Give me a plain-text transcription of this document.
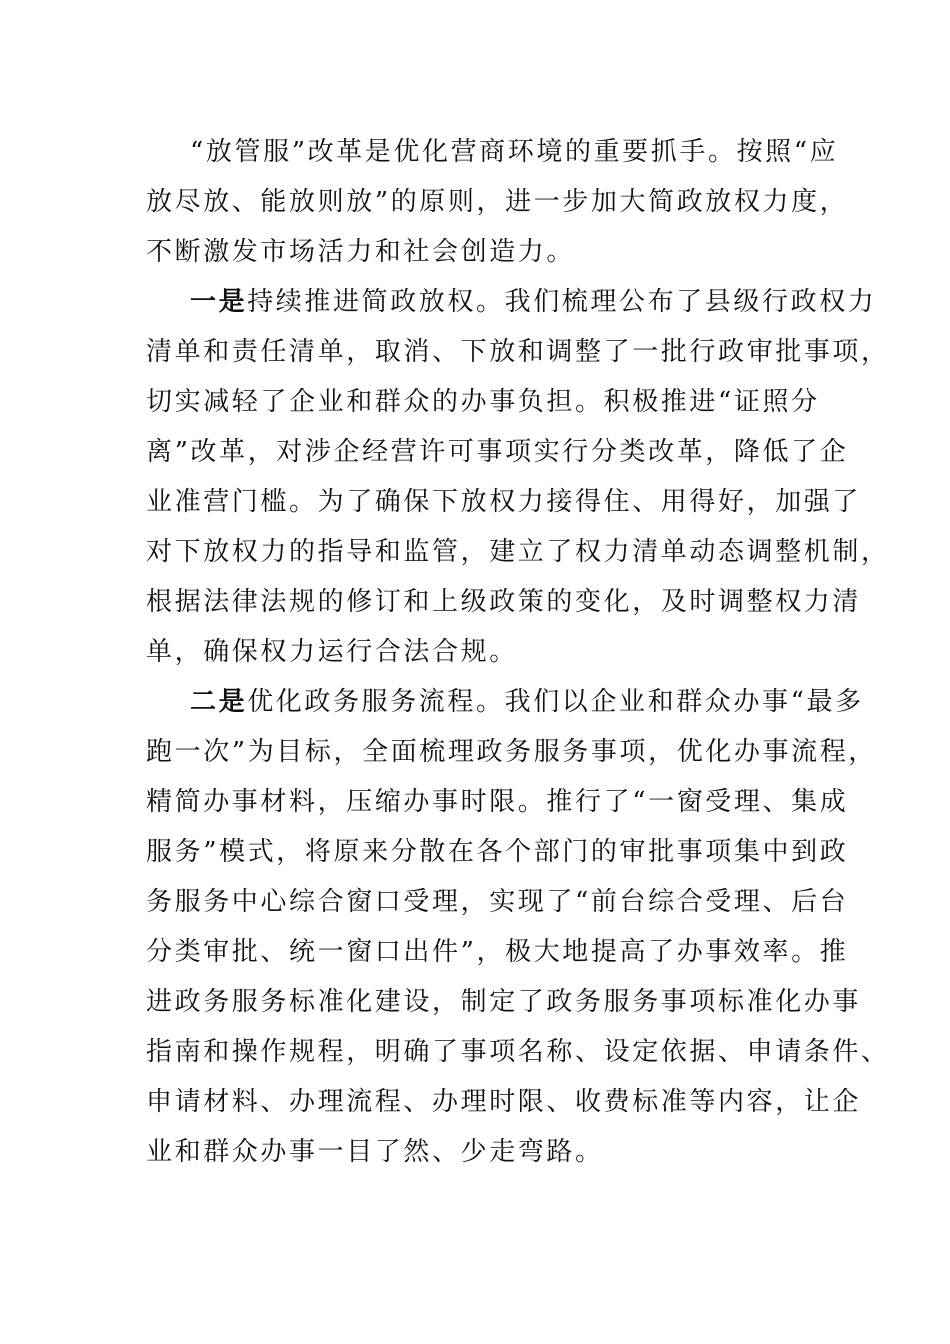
“放管服”改革是优化营商环境的重要抓手。按照“应
放尽放、能放则放”的原则，进一步加大简政放权力度，
不断激发市场活力和社会创造力。
一是持续推进简政放权。我们梳理公布了县级行政权力
清单和责任清单，取消、下放和调整了一批行政审批事项，
切实减轻了企业和群众的办事负担。积极推进“证照分
离”改革，对涉企经营许可事项实行分类改革，降低了企
业准营门槛。为了确保下放权力接得住、用得好，加强了
对下放权力的指导和监管，建立了权力清单动态调整机制，
根据法律法规的修订和上级政策的变化，及时调整权力清
单，确保权力运行合法合规。
二是优化政务服务流程。我们以企业和群众办事“最多
跑一次”为目标，全面梳理政务服务事项，优化办事流程，
精简办事材料，压缩办事时限。推行了“一窗受理、集成
服务”模式，将原来分散在各个部门的审批事项集中到政
务服务中心综合窗口受理，实现了“前台综合受理、后台
分类审批、统一窗口出件”，极大地提高了办事效率。推
进政务服务标准化建设，制定了政务服务事项标准化办事
指南和操作规程，明确了事项名称、设定依据、申请条件、
申请材料、办理流程、办理时限、收费标准等内容，让企
业和群众办事一目了然、少走弯路。
